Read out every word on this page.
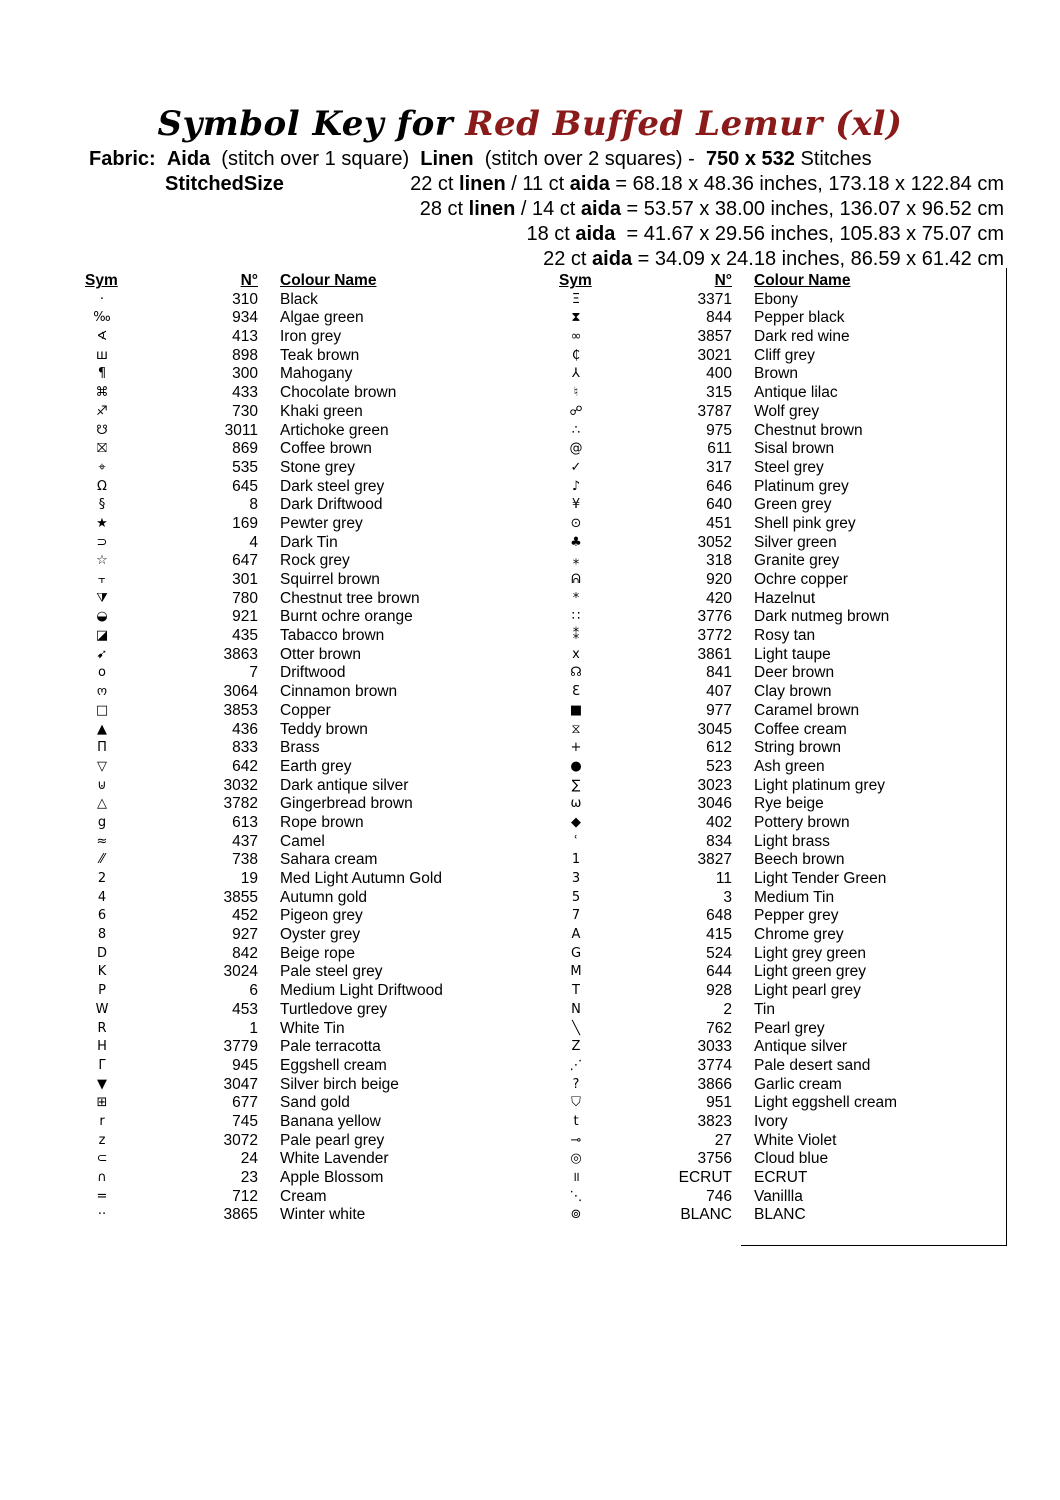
Symbol Key for Red Buffed Lemur (xl)
Fabric: Aida (stitch over 1 square) Linen (stitch over 2 squares) - 750 x 532 Stitches
StitchedSize	22 ct linen / 11 ct aida = 68.18 x 48.36 inches, 173.18 x 122.84 cm
28 ct linen / 14 ct aida = 53.57 x 38.00 inches, 136.07 x 96.52 cm
18 ct aida  = 41.67 x 29.56 inches, 105.83 x 75.07 cm
22 ct aida = 34.09 x 24.18 inches, 86.59 x 61.42 cm
Sym	N°	Colour Name
·	310	Black
‰	934	Algae green
∢	413	Iron grey
ш	898	Teak brown
¶	300	Mahogany
⌘	433	Chocolate brown
♐	730	Khaki green
☋	3011	Artichoke green
⛝	869	Coffee brown
⌖	535	Stone grey
Ω	645	Dark steel grey
§	8	Dark Driftwood
★	169	Pewter grey
⊃	4	Dark Tin
☆	647	Rock grey
⫟	301	Squirrel brown
⧩	780	Chestnut tree brown
◒	921	Burnt ochre orange
◪	435	Tabacco brown
➹	3863	Otter brown
o	7	Driftwood
ო	3064	Cinnamon brown
□	3853	Copper
▲	436	Teddy brown
П	833	Brass
▽	642	Earth grey
⊍	3032	Dark antique silver
△	3782	Gingerbread brown
g	613	Rope brown
≈	437	Camel
⁄⁄	738	Sahara cream
2	19	Med Light Autumn Gold
4	3855	Autumn gold
6	452	Pigeon grey
8	927	Oyster grey
D	842	Beige rope
K	3024	Pale steel grey
P	6	Medium Light Driftwood
W	453	Turtledove grey
R	1	White Tin
H	3779	Pale terracotta
Γ	945	Eggshell cream
▼	3047	Silver birch beige
⊞	677	Sand gold
r	745	Banana yellow
z	3072	Pale pearl grey
⊂	24	White Lavender
∩	23	Apple Blossom
=	712	Cream
··	3865	Winter white
Sym	N°	Colour Name
Ξ	3371	Ebony
⧗	844	Pepper black
∞	3857	Dark red wine
₵	3021	Cliff grey
⅄	400	Brown
♮	315	Antique lilac
☍	3787	Wolf grey
∴	975	Chestnut brown
@	611	Sisal brown
✓	317	Steel grey
♪	646	Platinum grey
¥	640	Green grey
⊙	451	Shell pink grey
♣	3052	Silver green
⁎	318	Granite grey
ᕱ	920	Ochre copper
*	420	Hazelnut
∷	3776	Dark nutmeg brown
⁑	3772	Rosy tan
x	3861	Light taupe
☊	841	Deer brown
Ɛ	407	Clay brown
■	977	Caramel brown
⧖	3045	Coffee cream
+	612	String brown
●	523	Ash green
∑	3023	Light platinum grey
ω	3046	Rye beige
◆	402	Pottery brown
ʿ	834	Light brass
1	3827	Beech brown
3	11	Light Tender Green
5	3	Medium Tin
7	648	Pepper grey
A	415	Chrome grey
G	524	Light grey green
M	644	Light green grey
T	928	Light pearl grey
N	2	Tin
╲	762	Pearl grey
Z	3033	Antique silver
⋰	3774	Pale desert sand
?	3866	Garlic cream
⛉	951	Light eggshell cream
t	3823	Ivory
⊸	27	White Violet
◎	3756	Cloud blue
॥	ECRUT	ECRUT
⋱	746	Vanillla
⊚	BLANC	BLANC
